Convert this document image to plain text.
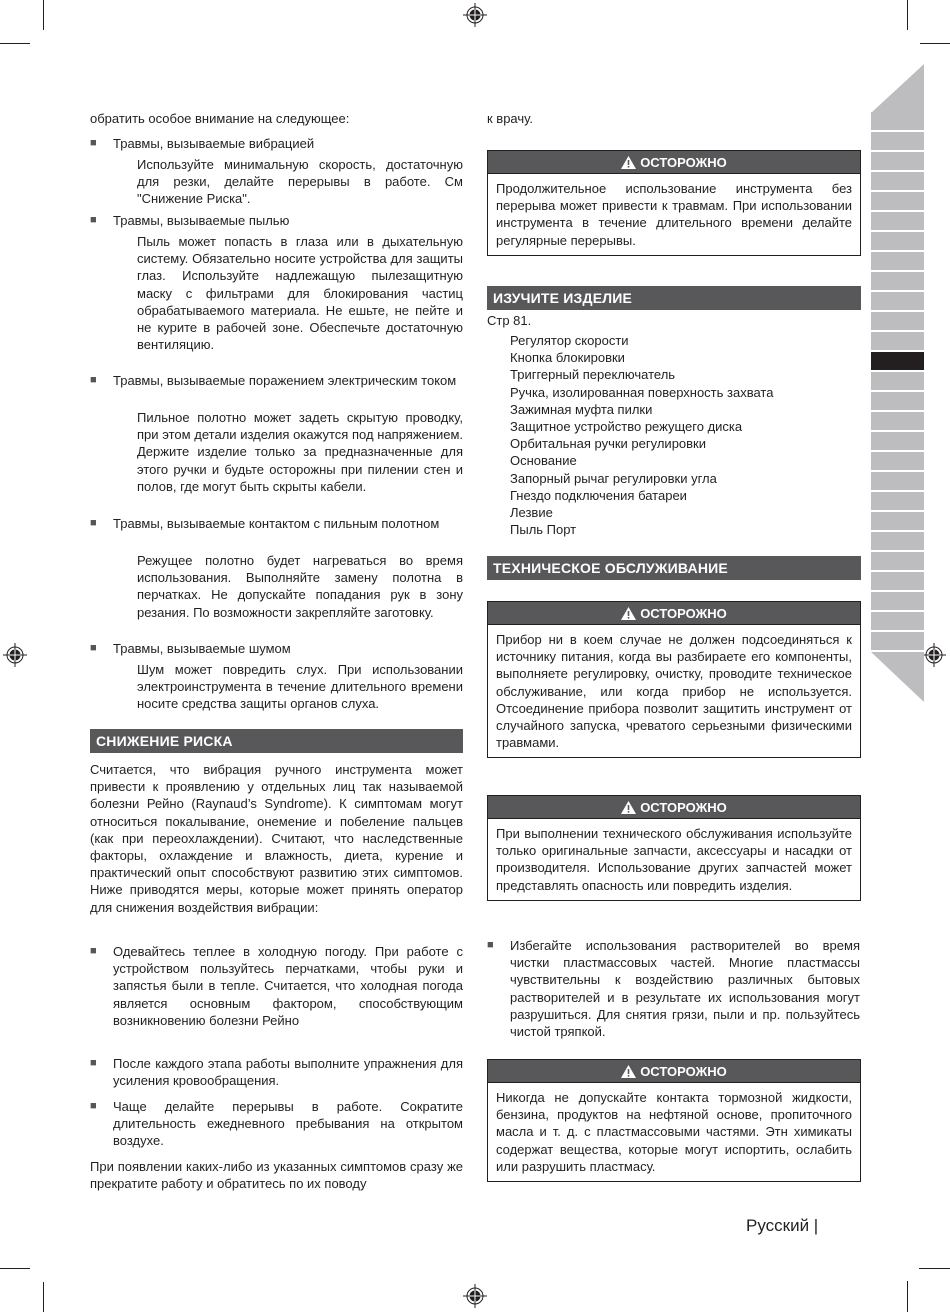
обратить особое внимание на следующее:
■ Травмы, вызываемые вибрацией
Используйте минимальную скорость, достаточную для резки, делайте перерывы в работе. См "Снижение Риска".
■ Травмы, вызываемые пылью
Пыль может попасть в глаза или в дыхательную систему. Обязательно носите устройства для защиты глаз. Используйте надлежащую пылезащитную маску с фильтрами для блокирования частиц обрабатываемого материала. Не ешьте, не пейте и не курите в рабочей зоне. Обеспечьте достаточную вентиляцию.
■ Травмы, вызываемые поражением электрическим током
Пильное полотно может задеть скрытую проводку, при этом детали изделия окажутся под напряжением. Держите изделие только за предназначенные для этого ручки и будьте осторожны при пилении стен и полов, где могут быть скрыты кабели.
■ Травмы, вызываемые контактом с пильным полотном
Режущее полотно будет нагреваться во время использования. Выполняйте замену полотна в перчатках. Не допускайте попадания рук в зону резания. По возможности закрепляйте заготовку.
■ Травмы, вызываемые шумом
Шум может повредить слух. При использовании электроинструмента в течение длительного времени носите средства защиты органов слуха.
СНИЖЕНИЕ РИСКА
Считается, что вибрация ручного инструмента может привести к проявлению у отдельных лиц так называемой болезни Рейно (Raynaud’s Syndrome). К симптомам могут относиться покалывание, онемение и побеление пальцев (как при переохлаждении). Считают, что наследственные факторы, охлаждение и влажность, диета, курение и практический опыт способствуют развитию этих симптомов. Ниже приводятся меры, которые может принять оператор для снижения воздействия вибрации:
■ Одевайтесь теплее в холодную погоду. При работе с устройством пользуйтесь перчатками, чтобы руки и запястья были в тепле. Считается, что холодная погода является основным фактором, способствующим возникновению болезни Рейно
■ После каждого этапа работы выполните упражнения для усиления кровообращения.
■ Чаще делайте перерывы в работе. Сократите длительность ежедневного пребывания на открытом воздухе.
При появлении каких-либо из указанных симптомов сразу же прекратите работу и обратитесь по их поводу
к врачу.
ОСТОРОЖНО
Продолжительное использование инструмента без перерыва может привести к травмам. При использовании инструмента в течение длительного времени делайте регулярные перерывы.
ИЗУЧИТЕ ИЗДЕЛИЕ
Стр 81.
Регулятор скорости
Кнопка блокировки
Триггерный переключатель
Ручка, изолированная поверхность захвата
Зажимная муфта пилки
Защитное устройство режущего диска
Орбитальная ручки регулировки
Основание
Запорный рычаг регулировки угла
Гнездо подключения батареи
Лезвие
Пыль Порт
ТЕХНИЧЕСКОЕ ОБСЛУЖИВАНИЕ
ОСТОРОЖНО
Прибор ни в коем случае не должен подсоединяться к источнику питания, когда вы разбираете его компоненты, выполняете регулировку, очистку, проводите техническое обслуживание, или когда прибор не используется. Отсоединение прибора позволит защитить инструмент от случайного запуска, чреватого серьезными физическими травмами.
ОСТОРОЖНО
При выполнении технического обслуживания используйте только оригинальные запчасти, аксессуары и насадки от производителя. Использование других запчастей может представлять опасность или повредить изделия.
■ Избегайте использования растворителей во время чистки пластмассовых частей. Многие пластмассы чувствительны к воздействию различных бытовых растворителей и в результате их использования могут разрушиться. Для снятия грязи, пыли и пр. пользуйтесь чистой тряпкой.
ОСТОРОЖНО
Никогда не допускайте контакта тормозной жидкости, бензина, продуктов на нефтяной основе, пропиточного масла и т. д. с пластмассовыми частями. Этн химикаты содержат вещества, которые могут испортить, ослабить или разрушить пластмасу.
Русский |
